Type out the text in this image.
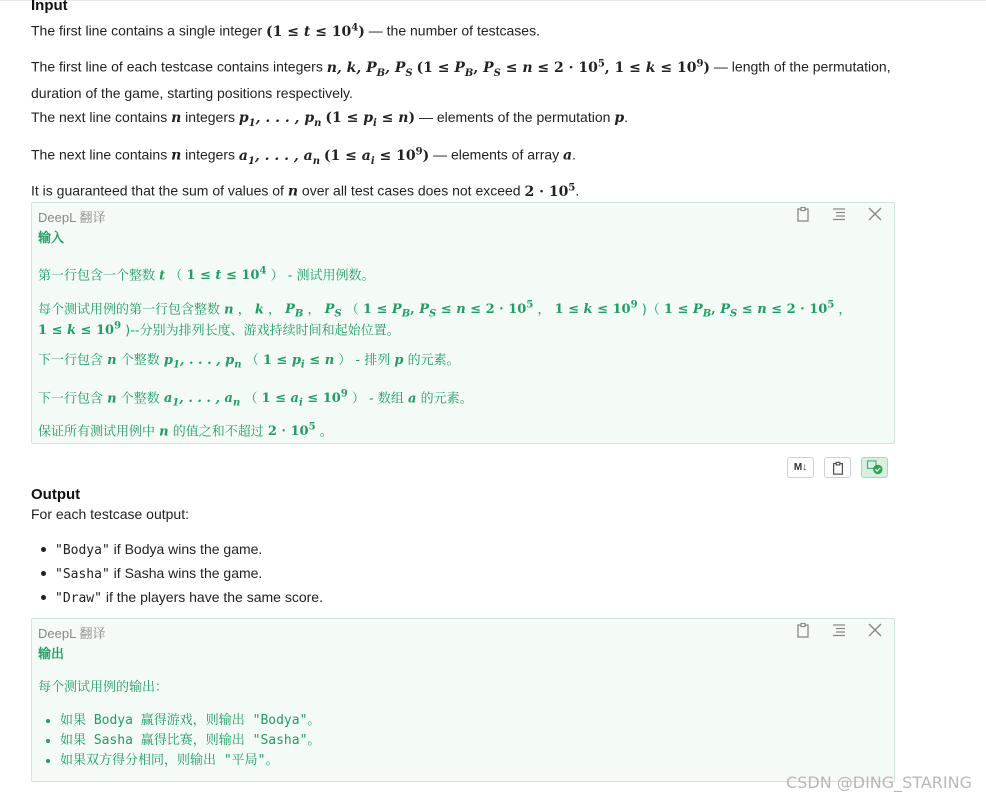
Input
The first line contains a single integer $(1 \le t \le 10^4)$ — the number of testcases.
The first line of each testcase contains integers n, k, $P_B$, $P_S$ ($1 \le P_B$, $P_S \le n \le 2 \cdot 10^5$, $1 \le k \le 10^9$) — length of the permutation,
duration of the game, starting positions respectively.
The next line contains n integers $p_1$, . . . , $p_n$ $(1 \le p_i \le n)$ — elements of the permutation p.
The next line contains n integers $a_1$, . . . , $a_n$ $(1 \le a_i \le 10^9)$ — elements of array a.
It is guaranteed that the sum of values of n over all test cases does not exceed $2 \cdot 10^5$.
DeepL 翻译
输入
第一行包含一个整数 t （ $1 \le t \le 10^4$ ） - 测试用例数。
每个测试用例的第一行包含整数 n ， k ， $P_B$ ， $P_S$ （ $1 \le P_B$, $P_S \le n \le 2 \cdot 10^5$ ， $1 \le k \le 10^9$ )（ $1 \le P_B$, $P_S \le n \le 2 \cdot 10^5$ ，
$1 \le k \le 10^9$ )--分别为排列长度、游戏持续时间和起始位置。
下一行包含 n 个整数 $p_1$, . . . , $p_n$ （ $1 \le p_i \le n$ ） - 排列 p 的元素。
下一行包含 n 个整数 $a_1$, . . . , $a_n$ （ $1 \le a_i \le 10^9$ ） - 数组 a 的元素。
保证所有测试用例中 n 的值之和不超过 $2 \cdot 10^5$ 。
M↓
Output
For each testcase output:
"Bodya" if Bodya wins the game.
"Sasha" if Sasha wins the game.
"Draw" if the players have the same score.
DeepL 翻译
输出
每个测试用例的输出：
如果 Bodya 赢得游戏，则输出 "Bodya"。
如果 Sasha 赢得比赛，则输出 "Sasha"。
如果双方得分相同，则输出 "平局"。
CSDN @DING_STARING
